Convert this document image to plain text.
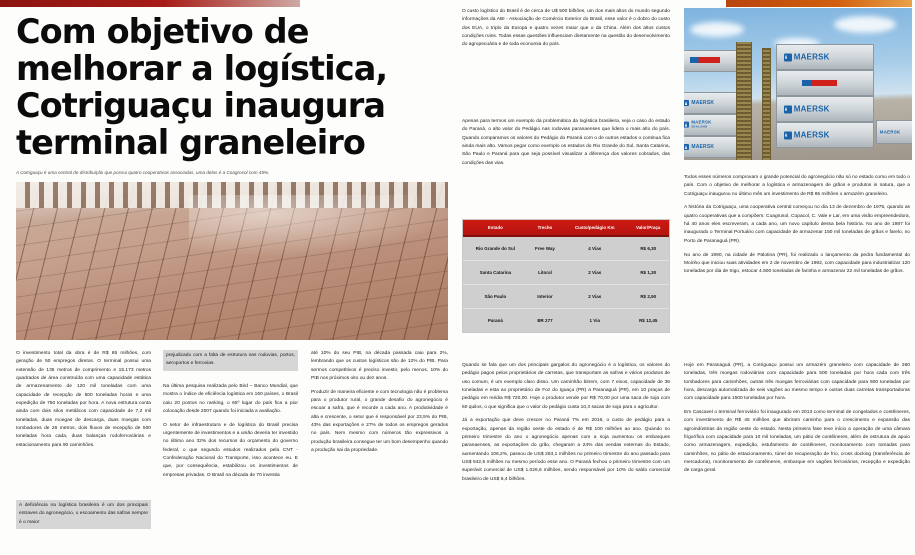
Com objetivo de
melhorar a logística,
Cotriguaçu inaugura
terminal graneleiro
A Cotriguaçu é uma central de distribuição que possui quatro cooperativas associadas, uma delas é a Coagrosol com 45%.
MAERSK
MAERSK
SEALAND
MAERSK
MAERSK
MAERSK
MAERSK	MAERSK

O custo logístico do Brasil é de cerca de U$ 500 bilhões, um dos mais altos do mundo segundo informações da ABI - Associação de Comércio Exterior do Brasil, esse valor é o dobro do custo dos EUA, o triplo da Europa e quatro vezes maior que o da China. Além dos altos custos condições ruins. Todas essas questões influenciam diretamente na questão do desenvolvimento do agropecuária e de toda economia do país.

Apenas para termos um exemplo da problemática da logística brasileira, veja o caso do estado do Paraná, o alto valor do Pedágio nas rodovias paranaenses que lidera o mais alto do país. Quando comparamos os valores do Pedágio do Paraná com o de outros estados o continua fica ainda mais alto. Vamos pegar como exemplo os estados do Rio Grande do Sul, Santa Catarina, São Paulo e Paraná para que seja possível visualizar a diferença dos valores cobrados, das condições das vias.

Estado	Trecho	Custo/pedágio Km	Valor/Praça
Rio Grande do Sul	Free Way	4 Vias	R$ 6,30
Santa Catarina	Litoral	2 Vias	R$ 1,30
São Paulo	Interior	2 Vias	R$ 2,50
Paraná	BR 277	1 Via	R$ 12,45

Todos esses números comprovam o grande potencial do agronegócio não só no estado como em todo o país. Com o objetivo de melhorar a logística e armazenagem de grãos e produtos in natura, que a Cotriguaçu inaugurou no último mês um investimento de R$ 65 milhões o armazém graneleiro.

A história da Cotriguaçu, uma cooperativa central começou no dia 13 de dezembro de 1975, quando as quatro cooperativas que a compõem: Coagrusol, Copacol, C. Vale e Lar, em uma visão empreendedora, há 40 anos eles escreveram, a cada ano, um novo capítulo dessa bela história. No ano de 1987 foi inaugurado o Terminal Portuário com capacidade de armazenar 150 mil toneladas de grãos e farelo, no Porto de Paranaguá (PR).

No ano de 1990, na cidade de Palotina (PR), foi realizado o lançamento da pedra fundamental do Moinho que iniciou suas atividades em 2 de novembro de 1992, com capacidade para industrializar 120 toneladas por dia de trigo, estocar 4.500 toneladas de farinha e armazenar 22 mil toneladas de grãos.

O investimento total da obra é de R$ 65 milhões, com geração de 50 empregos diretos. O terminal possui uma extensão de 135 metros de comprimento e 15.173 metros quadrados de área construída com uma capacidade estática de armazenamento de 120 mil toneladas com uma capacidade de recepção de 500 toneladas horas e uma expedição de 750 toneladas por hora. A nova estrutura conta ainda com dois silos metálicos com capacidade de 7,2 mil toneladas, duas moegas de descarga, duas moegas com tombadores de 26 metros, dois fluxos de recepção de 500 toneladas hora cada, duas balanças rodoferroviárias e estacionamento para 90 caminhões.

A deficiência na logística brasileira é um dos principais entraves do agronegócio, o escoamento das safras sempre é o maior

prejudicado com a falta de estrutura nas rodovias, portos, aeroportos e ferrovias.

Na última pesquisa realizada pelo Bird – Banco Mundial, que mostra o índice de eficiência logística em 160 países, o Brasil caiu 20 pontos no ranking, o 65º lugar do país fica a pior colocação desde 2007 quando foi iniciada a avaliação.

O setor de infraestrutura e de logística do Brasil precisa urgentemente de investimentos e a união deveria ter investido no último ano 32% dos recursos do orçamento do governo federal, o que segundo estudos realizados pela CNT - Confederação Nacional do Transporte, isso acontece eu. E que, por consequência, estabilizou os investimentos de empresas privadas. O Brasil na década de 70 investia

até 10% do seu PIB, na década passada caiu para 2%, lembrando que os custos logísticos são de 12% do PIB. Para sermos competitivos é preciso investir, pelo menos, 10% do PIB nos próximos oito ou dez anos.

Produzir de maneira eficiente e com tecnologia não é problema para o produtor rural, o grande desafio do agronegócio é escoar a safra, que é recorde a cada ano. A produtividade é alta e crescente, o setor que é responsável por 23,5% do PIB, 43% das exportações e 27% de todos os empregos gerados no país. Nem mesmo com números tão expressivos a produção brasileira consegue ter um bom desempenho quando a produção sai da propriedade.

Quando se fala que um dos principais gargalos do agronegócio é a logística, os valores do pedágio pagos pelos proprietários de carretas, que transportam as safras e vários produtos de uso comum, é um exemplo claro disso. Um caminhão bitrem, com 7 eixos, capacidade de 36 toneladas e esta ao proprietário de Foz do Iguaçu (PR) a Paranaguá (PR), em 10 praças de pedágio em média R$ 720,00. Hoje o produtor vende por R$ 70,00 por uma saca de soja com 60 quilos, o que significa que o valor do pedágio custa 10,3 sacas de soja para o agricultor.

Já a exportação que deve crescer no Paraná 7% em 2016, o custo de pedágio para a exportação, apenas da região oeste do estado é de R$ 100 milhões ao ano. Quando no primeiro trimestre do ano o agronegócio apenas com a soja aumentou os embarques paranaenses, as exportações do grão, chegaram a 24% das vendas externas do Estado, aumentando 106,2%, passou de US$ 263,1 milhões no primeiro trimestre do ano passado para US$ 542,5 milhões no mesmo período esse ano. O Paraná fechou o primeiro trimestre com um superávit comercial de US$ 1.026,6 milhões, sendo responsável por 10% do saldo comercial brasileiro de US$ 6,4 bilhões.

Hoje em Paranaguá (PR), a Cotriguaçu possui um armazém graneleiro com capacidade de 260 toneladas, três moegas rodoviárias com capacidade para 500 toneladas por hora cada com três tombadores para caminhões, outras três moegas ferroviárias com capacidade para 500 toneladas por hora, descarga automatizada de seis vagões ao mesmo tempo e outras duas carretas transportadoras com capacidade para 1500 toneladas por hora.

Em Cascavel o terminal ferroviário foi inaugurado em 2013 como terminal de congelados e contêineres, com investimento de R$ 45 milhões que abriram caminho para o crescimento e expansão das agroindústrias da região oeste do estado. Nesta primeira fase teve início a operação de uma câmara frigorífica com capacidade para 10 mil toneladas, um pátio de contêineres, além de estrutura de apoio como armazenagem, expedição, estufamento de contêineres, monitoramento com tomadas para caminhões, no pátio de estacionamento, túnel de recuperação de frio, cross docking (transferência de mercadoria), monitoramento de contêineres, embarque em vagões ferroviários, recepção e expedição de carga geral.
